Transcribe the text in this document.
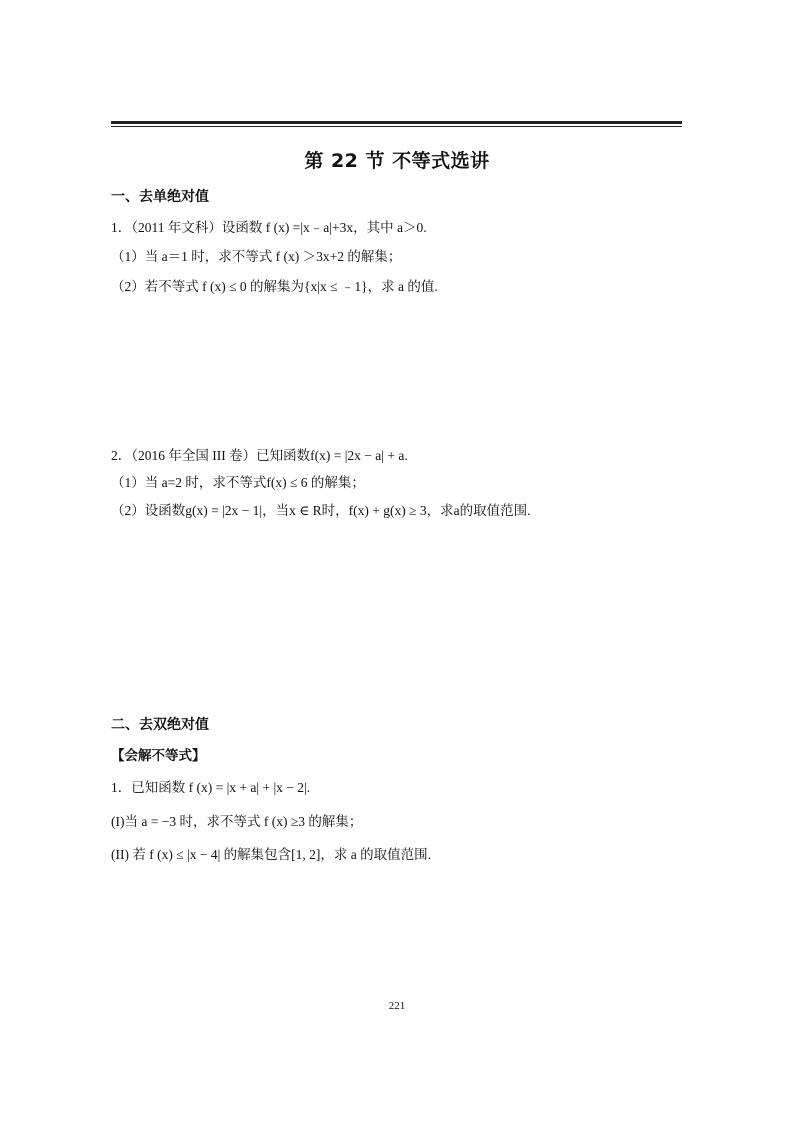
第 22 节 不等式选讲
一、去单绝对值
1．（2011 年文科）设函数 f (x) =|x﹣a|+3x，其中 a＞0.
（1）当 a＝1 时，求不等式 f (x) ＞3x+2 的解集；
（2）若不等式 f (x) ≤ 0 的解集为{x|x ≤ ﹣1}，求 a 的值.
2．（2016 年全国 III 卷）已知函数f(x) = |2x − a| + a.
（1）当 a=2 时，求不等式f(x) ≤ 6 的解集；
（2）设函数g(x) = |2x − 1|，当x ∈ R时，f(x) + g(x) ≥ 3，求a的取值范围.
二、去双绝对值
【会解不等式】
1．已知函数 f (x) = |x + a| + |x − 2|.
(I)当 a = −3 时，求不等式 f (x) ≥3 的解集；
(II) 若 f (x) ≤ |x − 4| 的解集包含[1, 2]，求 a 的取值范围.
221
